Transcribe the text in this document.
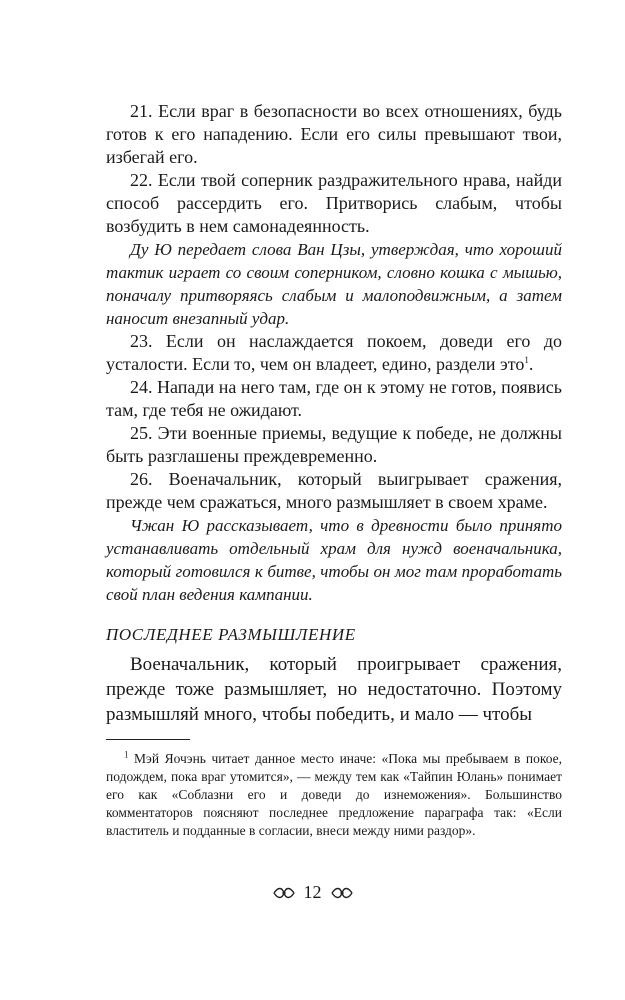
21. Если враг в безопасности во всех отношениях, будь готов к его нападению. Если его силы превышают твои, избегай его.

22. Если твой соперник раздражительного нрава, найди способ рассердить его. Притворись слабым, чтобы возбудить в нем самонадеянность.

Ду Ю передает слова Ван Цзы, утверждая, что хороший тактик играет со своим соперником, словно кошка с мышью, поначалу притворяясь слабым и малоподвижным, а затем наносит внезапный удар.

23. Если он наслаждается покоем, доведи его до усталости. Если то, чем он владеет, едино, раздели это$^1$.

24. Напади на него там, где он к этому не готов, появись там, где тебя не ожидают.

25. Эти военные приемы, ведущие к победе, не должны быть разглашены преждевременно.

26. Военачальник, который выигрывает сражения, прежде чем сражаться, много размышляет в своем храме.

Чжан Ю рассказывает, что в древности было принято устанавливать отдельный храм для нужд военачальника, который готовился к битве, чтобы он мог там проработать свой план ведения кампании.

ПОСЛЕДНЕЕ РАЗМЫШЛЕНИЕ

Военачальник, который проигрывает сражения, прежде тоже размышляет, но недостаточно. Поэтому размышляй много, чтобы победить, и мало — чтобы

$^1$ Мэй Яочэнь читает данное место иначе: «Пока мы пребываем в покое, подождем, пока враг утомится», — между тем как «Тайпин Юлань» понимает его как «Соблазни его и доведи до изнеможения». Большинство комментаторов поясняют последнее предложение параграфа так: «Если властитель и подданные в согласии, внеси между ними раздор».

12
